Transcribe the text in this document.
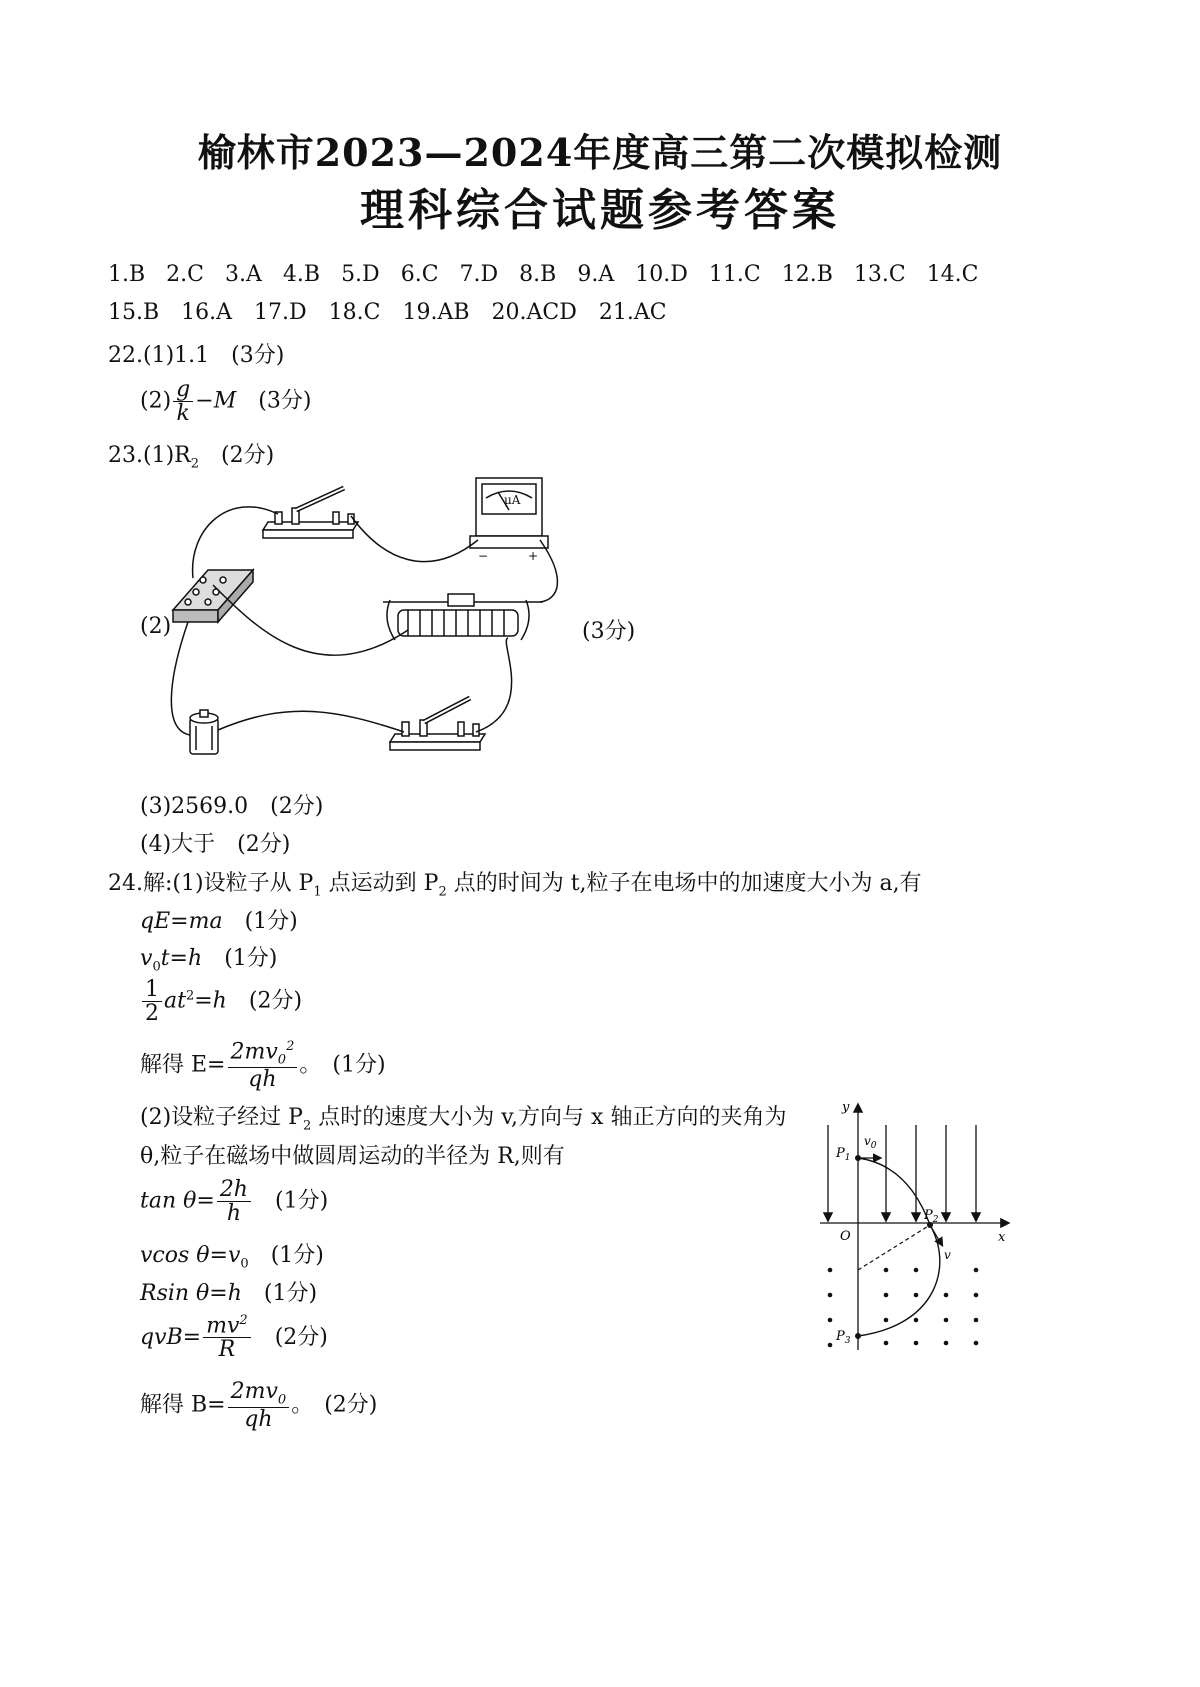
榆林市2023—2024年度高三第二次模拟检测
理科综合试题参考答案
1.B 2.C 3.A 4.B 5.D 6.C 7.D 8.B 9.A 10.D 11.C 12.B 13.C 14.C
15.B 16.A 17.D 18.C 19.AB 20.ACD 21.AC
22.(1)1.1　(3分)
$(2) \frac{g}{k} -M$　 (3分)
$23.(1)R_2$　 (2分)
(2)	(3分)
μA
−	+
(3)2569.0　(2分)
(4)大于　(2分)
24.解:(1)设粒子从 $P_1$ 点运动到 $P_2$ 点的时间为 t,粒子在电场中的加速度大小为 a,有
qE=ma　 (1分)
$v_0t=h$　 (1分)
$\frac{1}{2} at^2=h$　 (2分)
解得 $E= \frac{2mv_0^2}{qh}$ 。　 (1分)
(2)设粒子经过 $P_2$ 点时的速度大小为 v,方向与 x 轴正方向的夹角为
θ,粒子在磁场中做圆周运动的半径为 R,则有
$\tan \theta= \frac{2h}{h}$
　 (1分)
vcos $\theta=v_0$　 (1分)
Rsin θ=h　 (1分)
$qvB= \frac{mv^2}{R}$
　 (2分)
解得 $B= \frac{2mv_0}{qh}$ 。　 (2分)
y
x
O
$P_1$
$v_0$
$P_2$
v
$P_3$
